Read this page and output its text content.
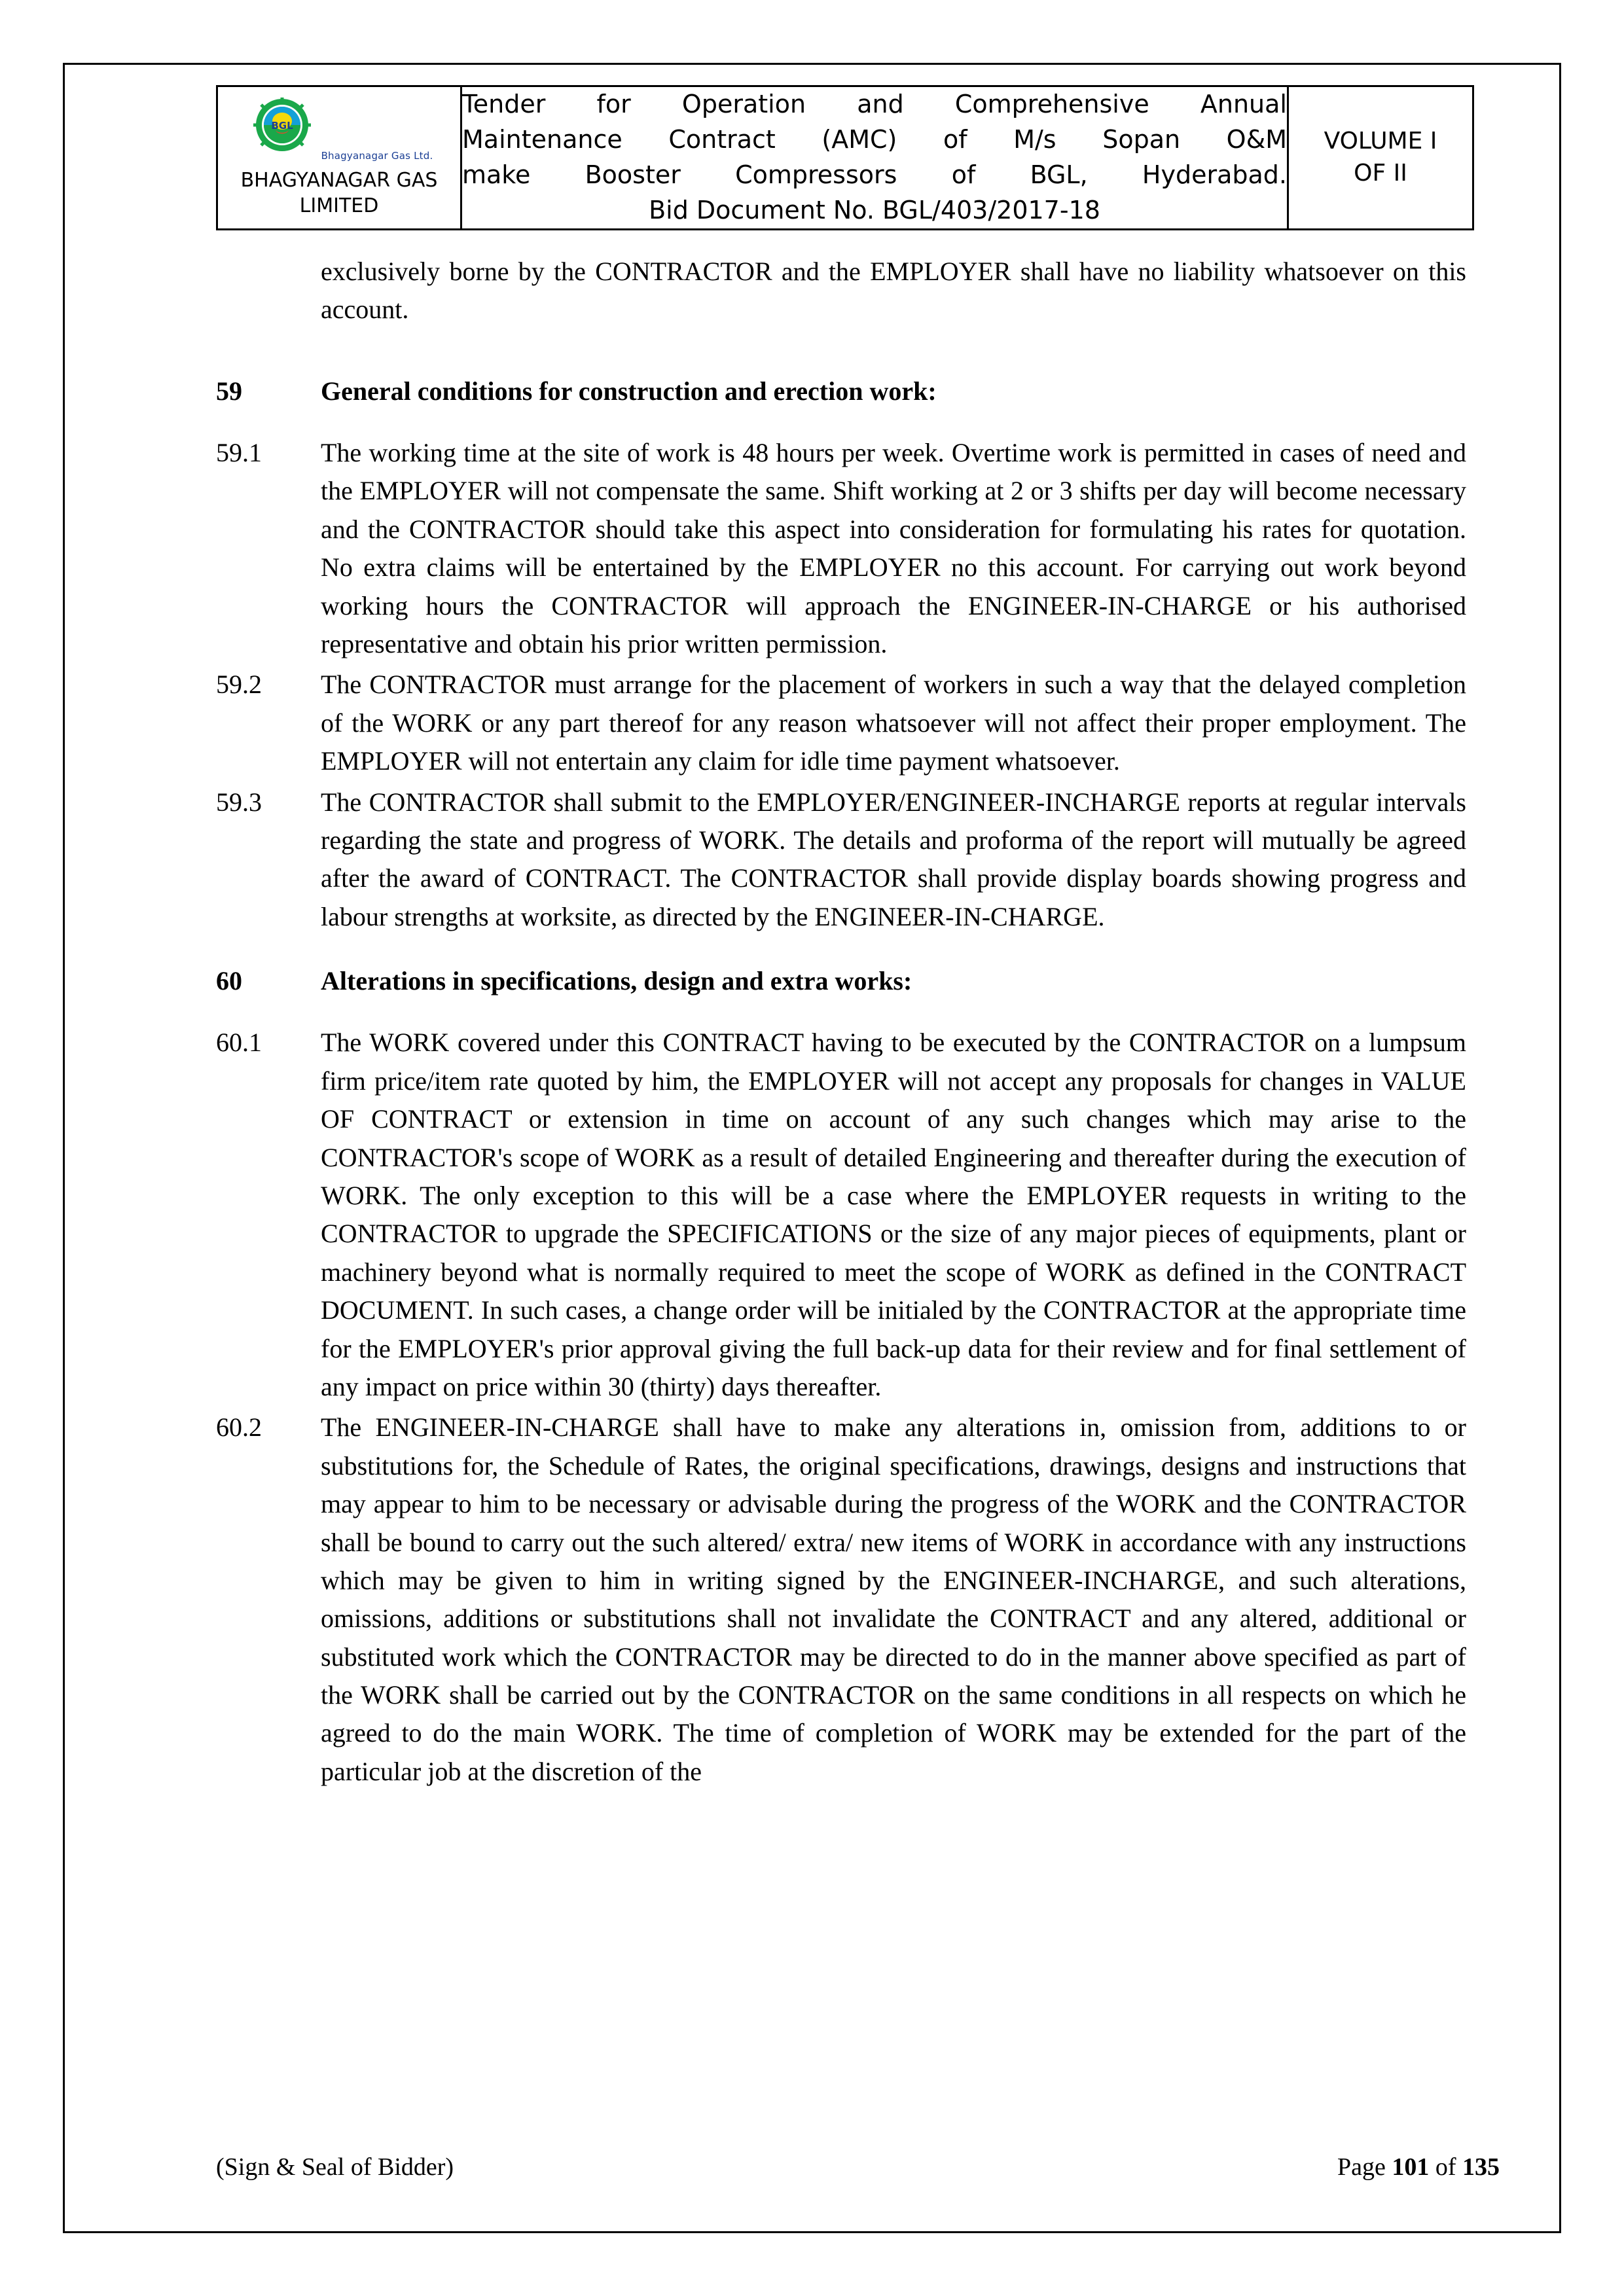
BGL
Bhagyanagar Gas Ltd.
BHAGYANAGAR GAS
LIMITED

Tender for Operation and Comprehensive Annual
Maintenance Contract (AMC) of M/s Sopan O&M
make Booster Compressors of BGL, Hyderabad.
Bid Document No. BGL/403/2017-18

VOLUME I
OF II
exclusively borne by the CONTRACTOR and the EMPLOYER shall have no liability whatsoever on this account.
59	General conditions for construction and erection work:
59.1	The working time at the site of work is 48 hours per week. Overtime work is permitted in cases of need and the EMPLOYER will not compensate the same. Shift working at 2 or 3 shifts per day will become necessary and the CONTRACTOR should take this aspect into consideration for formulating his rates for quotation. No extra claims will be entertained by the EMPLOYER no this account. For carrying out work beyond working hours the CONTRACTOR will approach the ENGINEER-IN-CHARGE or his authorised representative and obtain his prior written permission.
59.2	The CONTRACTOR must arrange for the placement of workers in such a way that the delayed completion of the WORK or any part thereof for any reason whatsoever will not affect their proper employment. The EMPLOYER will not entertain any claim for idle time payment whatsoever.
59.3	The CONTRACTOR shall submit to the EMPLOYER/ENGINEER-INCHARGE reports at regular intervals regarding the state and progress of WORK. The details and proforma of the report will mutually be agreed after the award of CONTRACT. The CONTRACTOR shall provide display boards showing progress and labour strengths at worksite, as directed by the ENGINEER-IN-CHARGE.
60	Alterations in specifications, design and extra works:
60.1	The WORK covered under this CONTRACT having to be executed by the CONTRACTOR on a lumpsum firm price/item rate quoted by him, the EMPLOYER will not accept any proposals for changes in VALUE OF CONTRACT or extension in time on account of any such changes which may arise to the CONTRACTOR's scope of WORK as a result of detailed Engineering and thereafter during the execution of WORK. The only exception to this will be a case where the EMPLOYER requests in writing to the CONTRACTOR to upgrade the SPECIFICATIONS or the size of any major pieces of equipments, plant or machinery beyond what is normally required to meet the scope of WORK as defined in the CONTRACT DOCUMENT. In such cases, a change order will be initialed by the CONTRACTOR at the appropriate time for the EMPLOYER's prior approval giving the full back-up data for their review and for final settlement of any impact on price within 30 (thirty) days thereafter.
60.2	The ENGINEER-IN-CHARGE shall have to make any alterations in, omission from, additions to or substitutions for, the Schedule of Rates, the original specifications, drawings, designs and instructions that may appear to him to be necessary or advisable during the progress of the WORK and the CONTRACTOR shall be bound to carry out the such altered/ extra/ new items of WORK in accordance with any instructions which may be given to him in writing signed by the ENGINEER-INCHARGE, and such alterations, omissions, additions or substitutions shall not invalidate the CONTRACT and any altered, additional or substituted work which the CONTRACTOR may be directed to do in the manner above specified as part of the WORK shall be carried out by the CONTRACTOR on the same conditions in all respects on which he agreed to do the main WORK. The time of completion of WORK may be extended for the part of the particular job at the discretion of the
(Sign & Seal of Bidder)	Page 101 of 135
